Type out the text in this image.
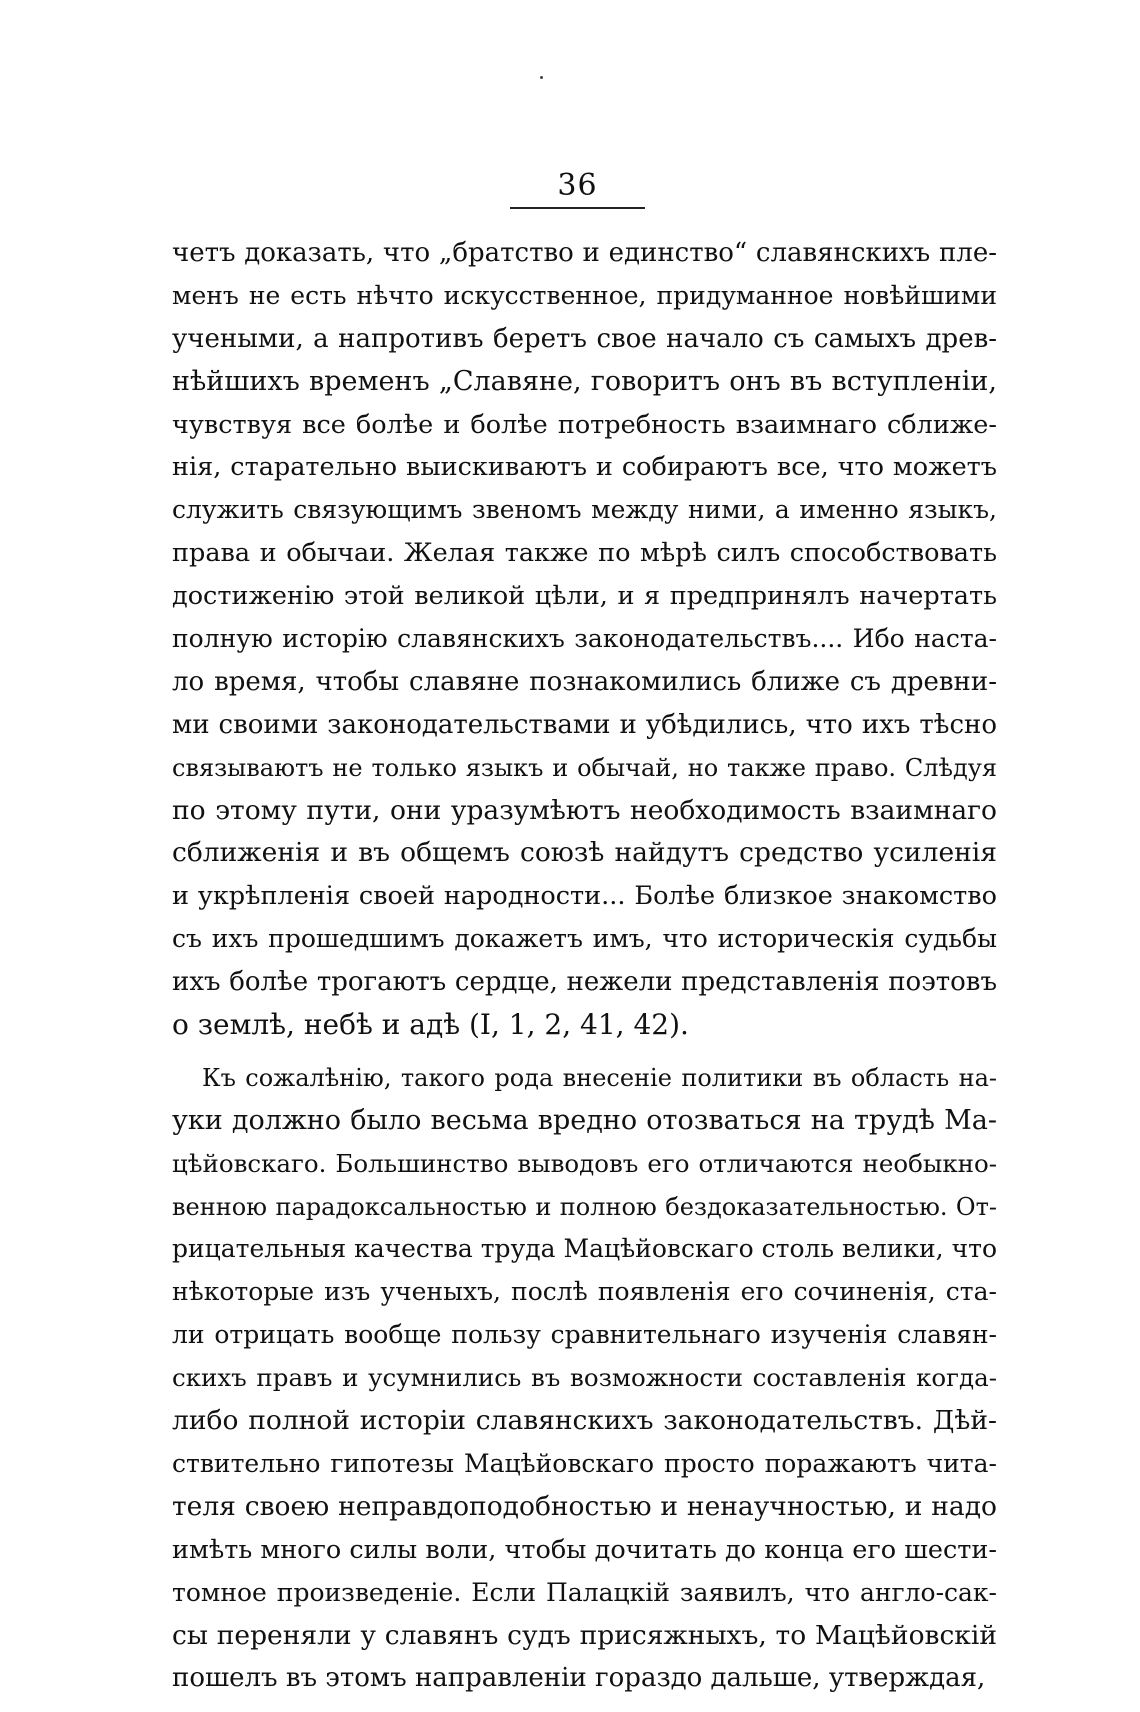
36
четъ доказать, что „братство и единство“ славянскихъ пле-
менъ не есть нѣчто искусственное, придуманное новѣйшими
учеными, а напротивъ беретъ свое начало съ самыхъ древ-
нѣйшихъ временъ „Славяне, говоритъ онъ въ вступленіи,
чувствуя все болѣе и болѣе потребность взаимнаго сближе-
нія, старательно выискиваютъ и собираютъ все, что можетъ
служить связующимъ звеномъ между ними, а именно языкъ,
права и обычаи. Желая также по мѣрѣ силъ способствовать
достиженію этой великой цѣли, и я предпринялъ начертать
полную исторію славянскихъ законодательствъ.... Ибо наста-
ло время, чтобы славяне познакомились ближе съ древни-
ми своими законодательствами и убѣдились, что ихъ тѣсно
связываютъ не только языкъ и обычай, но также право. Слѣдуя
по этому пути, они уразумѣютъ необходимость взаимнаго
сближенія и въ общемъ союзѣ найдутъ средство усиленія
и укрѣпленія своей народности... Болѣе близкое знакомство
съ ихъ прошедшимъ докажетъ имъ, что историческія судьбы
ихъ болѣе трогаютъ сердце, нежели представленія поэтовъ
о землѣ, небѣ и адѣ (I, 1, 2, 41, 42).
Къ сожалѣнію, такого рода внесеніе политики въ область на-
уки должно было весьма вредно отозваться на трудѣ Ма-
цѣйовскаго. Большинство выводовъ его отличаются необыкно-
венною парадоксальностью и полною бездоказательностью. От-
рицательныя качества труда Мацѣйовскаго столь велики, что
нѣкоторые изъ ученыхъ, послѣ появленія его сочиненія, ста-
ли отрицать вообще пользу сравнительнаго изученія славян-
скихъ правъ и усумнились въ возможности составленія когда-
либо полной исторіи славянскихъ законодательствъ. Дѣй-
ствительно гипотезы Мацѣйовскаго просто поражаютъ чита-
теля своею неправдоподобностью и ненаучностью, и надо
имѣть много силы воли, чтобы дочитать до конца его шести-
томное произведеніе. Если Палацкій заявилъ, что англо-сак-
сы переняли у славянъ судъ присяжныхъ, то Мацѣйовскій
пошелъ въ этомъ направленіи гораздо дальше, утверждая,
